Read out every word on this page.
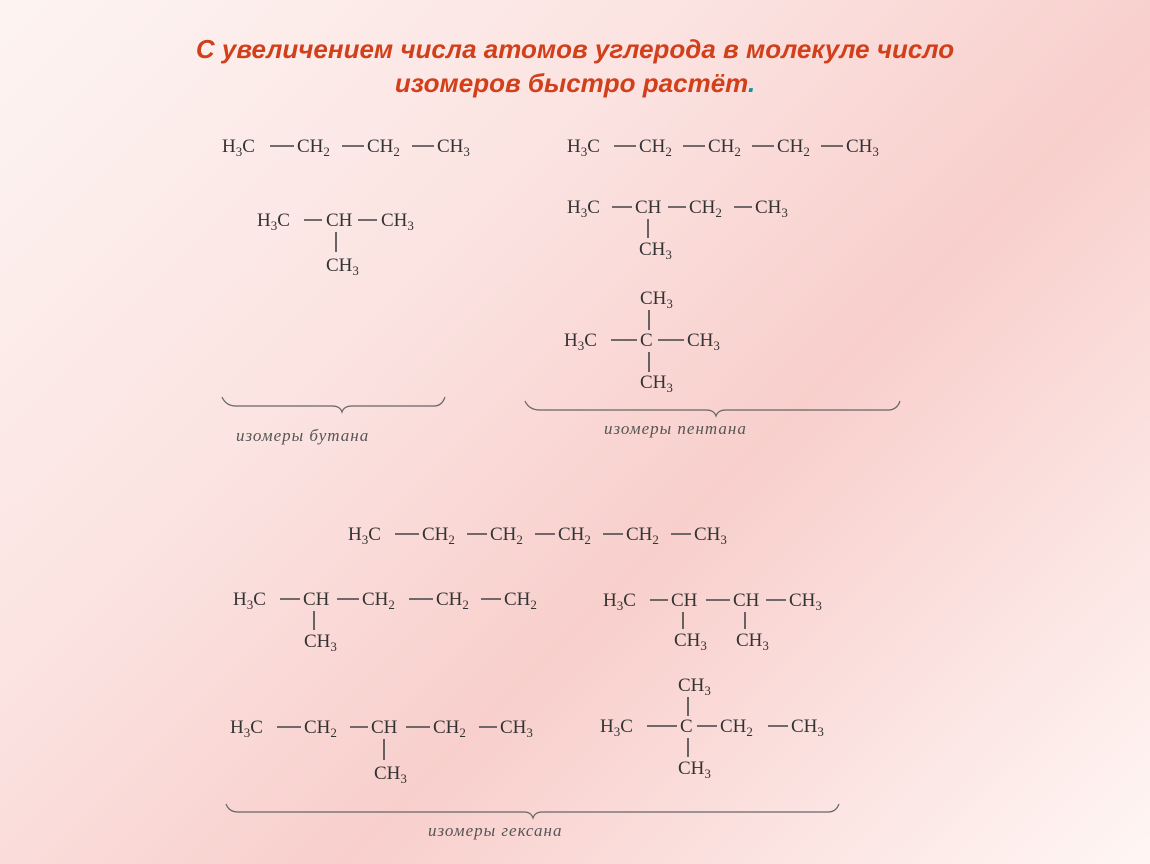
С увеличением числа атомов углерода в молекуле число
изомеров быстро растёт.
$H_3C$ $CH_2$ $CH_2$ $CH_3$
$H_3C$ CH $CH_3$
$CH_3$
изомеры бутана
$H_3C$ $CH_2$ $CH_2$ $CH_2$ $CH_3$
$H_3C$ CH $CH_2$ $CH_3$
$CH_3$
$CH_3$
$H_3C$ C $CH_3$
$CH_3$
изомеры пентана
$H_3C$ $CH_2$ $CH_2$ $CH_2$ $CH_2$ $CH_3$
$H_3C$ CH $CH_2$ $CH_2$ $CH_2$
$CH_3$
$H_3C$ CH CH $CH_3$
$CH_3$ $CH_3$
$H_3C$ $CH_2$ CH $CH_2$ $CH_3$
$CH_3$
$CH_3$
$H_3C$ C $CH_2$ $CH_3$
$CH_3$
изомеры гексана
